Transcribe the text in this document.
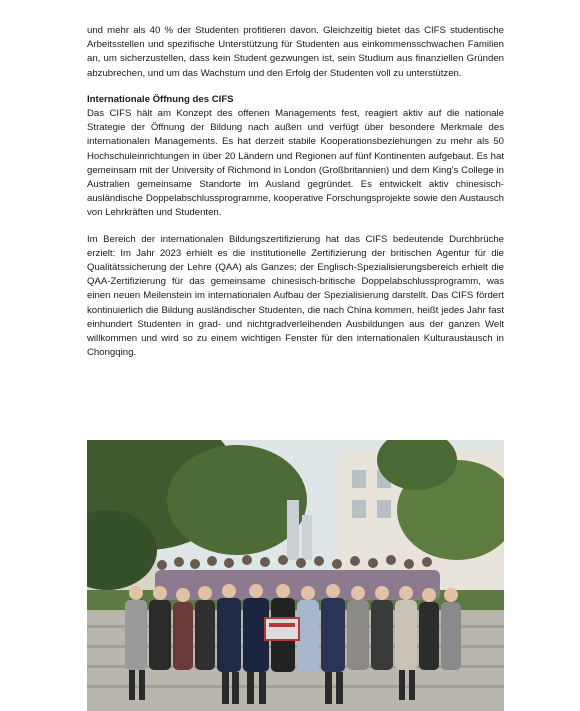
und mehr als 40 % der Studenten profitieren davon. Gleichzeitig bietet das CIFS studentische Arbeitsstellen und spezifische Unterstützung für Studenten aus einkommensschwachen Familien an, um sicherzustellen, dass kein Student gezwungen ist, sein Studium aus finanziellen Gründen abzubrechen, und um das Wachstum und den Erfolg der Studenten voll zu unterstützen.

Internationale Öffnung des CIFS

Das CIFS hält am Konzept des offenen Managements fest, reagiert aktiv auf die nationale Strategie der Öffnung der Bildung nach außen und verfügt über besondere Merkmale des internationalen Managements. Es hat derzeit stabile Kooperationsbeziehungen zu mehr als 50 Hochschuleinrichtungen in über 20 Ländern und Regionen auf fünf Kontinenten aufgebaut. Es hat gemeinsam mit der University of Richmond in London (Großbritannien) und dem King's College in Australien gemeinsame Standorte im Ausland gegründet. Es entwickelt aktiv chinesisch-ausländische Doppelabschlussprogramme, kooperative Forschungsprojekte sowie den Austausch von Lehrkräften und Studenten.

Im Bereich der internationalen Bildungszertifizierung hat das CIFS bedeutende Durchbrüche erzielt: Im Jahr 2023 erhielt es die institutionelle Zertifizierung der britischen Agentur für die Qualitätssicherung der Lehre (QAA) als Ganzes; der Englisch-Spezialisierungsbereich erhielt die QAA-Zertifizierung für das gemeinsame chinesisch-britische Doppelabschlussprogramm, was einen neuen Meilenstein im internationalen Aufbau der Spezialisierung darstellt. Das CIFS fördert kontinuierlich die Bildung ausländischer Studenten, die nach China kommen, heißt jedes Jahr fast einhundert Studenten in grad- und nichtgradverleihenden Ausbildungen aus der ganzen Welt willkommen und wird so zu einem wichtigen Fenster für den internationalen Kulturaustausch in Chongqing.
